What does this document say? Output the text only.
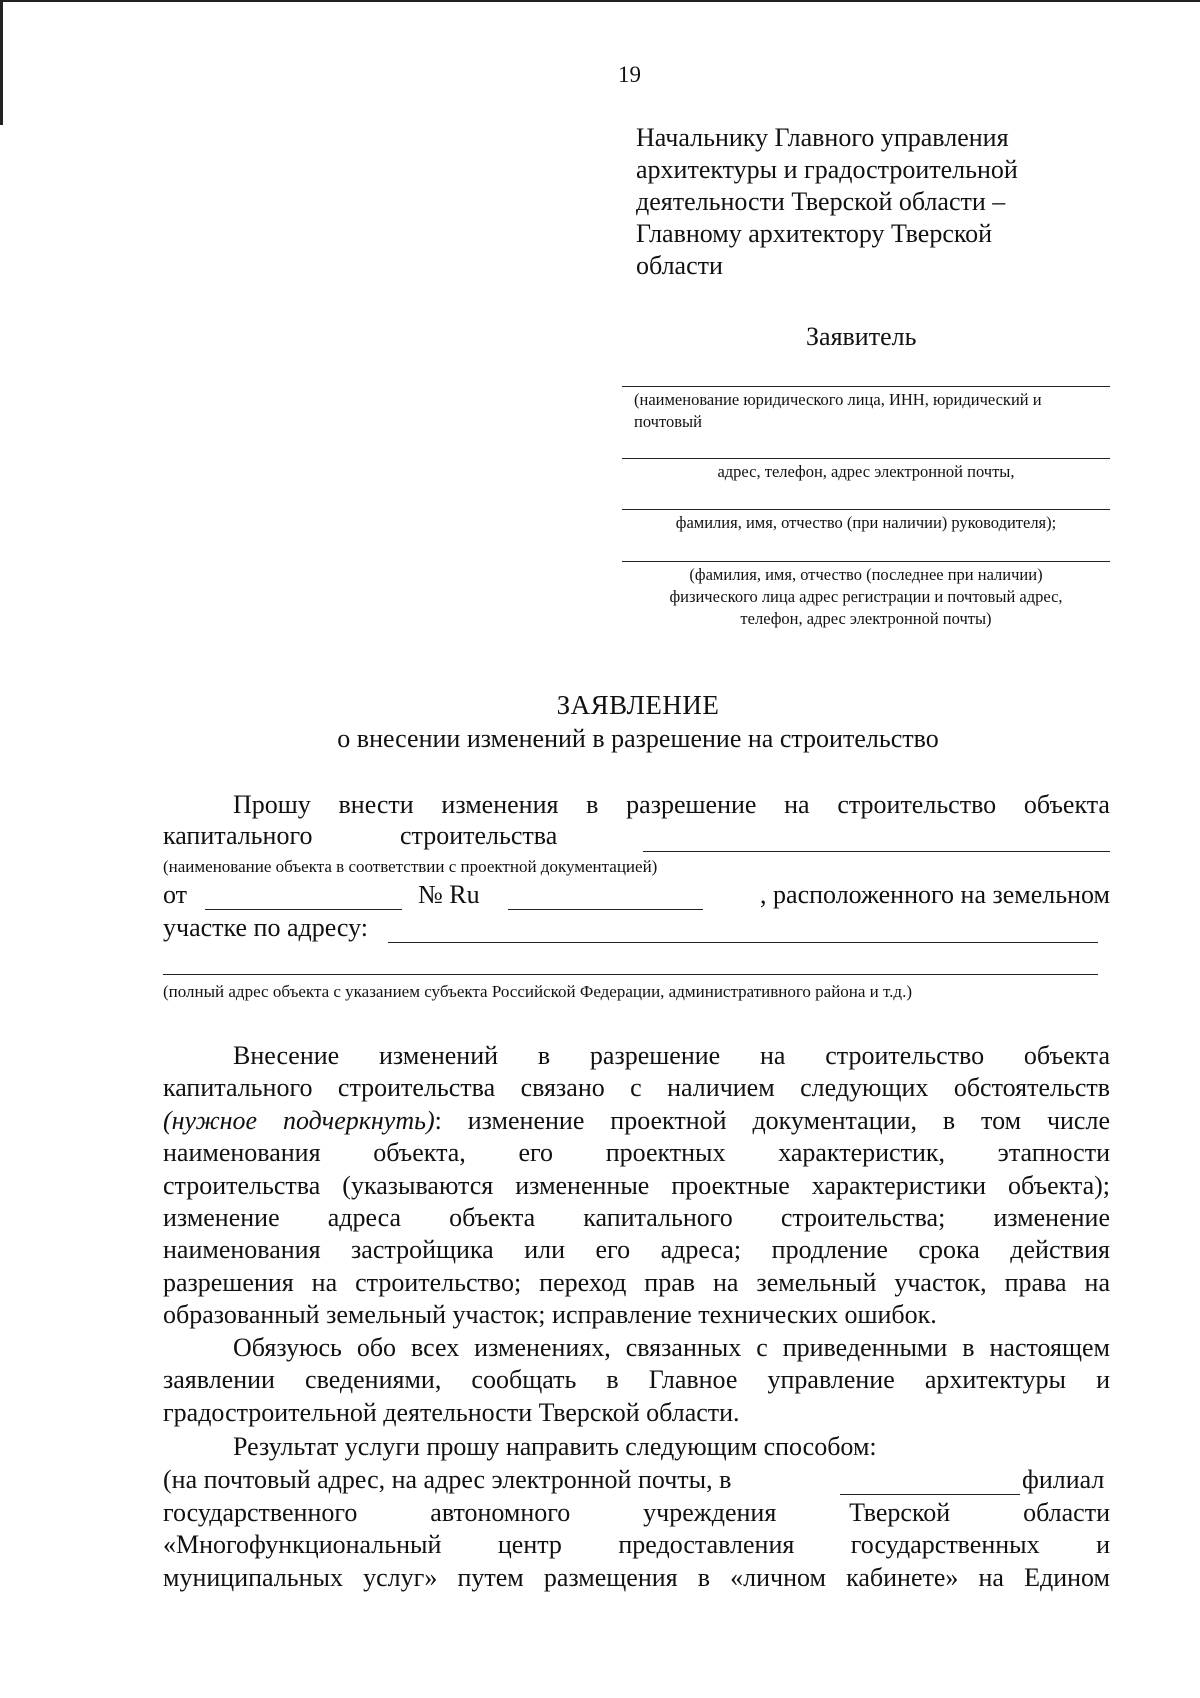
19
Начальнику Главного управления
архитектуры и градостроительной
деятельности Тверской области –
Главному архитектору Тверской
области
Заявитель
(наименование юридического лица, ИНН, юридический и почтовый
адрес, телефон, адрес электронной почты,
фамилия, имя, отчество (при наличии) руководителя);
(фамилия, имя, отчество (последнее при наличии) физического лица адрес регистрации и почтовый адрес, телефон, адрес электронной почты)
ЗАЯВЛЕНИЕ
о внесении изменений в разрешение на строительство
Прошу внести изменения в разрешение на строительство объекта
капитального	строительства
(наименование объекта в соответствии с проектной документацией)
от	№ Ru	, расположенного на земельном
участке по адресу:
(полный адрес объекта с указанием субъекта Российской Федерации, административного района и т.д.)
Внесение изменений в разрешение на строительство объекта
капитального строительства связано с наличием следующих обстоятельств
(нужное подчеркнуть): изменение проектной документации, в том числе
наименования объекта, его проектных характеристик, этапности
строительства (указываются измененные проектные характеристики объекта);
изменение адреса объекта капитального строительства; изменение
наименования застройщика или его адреса; продление срока действия
разрешения на строительство; переход прав на земельный участок, права на
образованный земельный участок; исправление технических ошибок.
Обязуюсь обо всех изменениях, связанных с приведенными в настоящем
заявлении сведениями, сообщать в Главное управление архитектуры и
градостроительной деятельности Тверской области.
Результат услуги прошу направить следующим способом:
(на почтовый адрес, на адрес электронной почты, в	филиал
государственного автономного учреждения Тверской области
«Многофункциональный центр предоставления государственных и
муниципальных услуг» путем размещения в «личном кабинете» на Едином
